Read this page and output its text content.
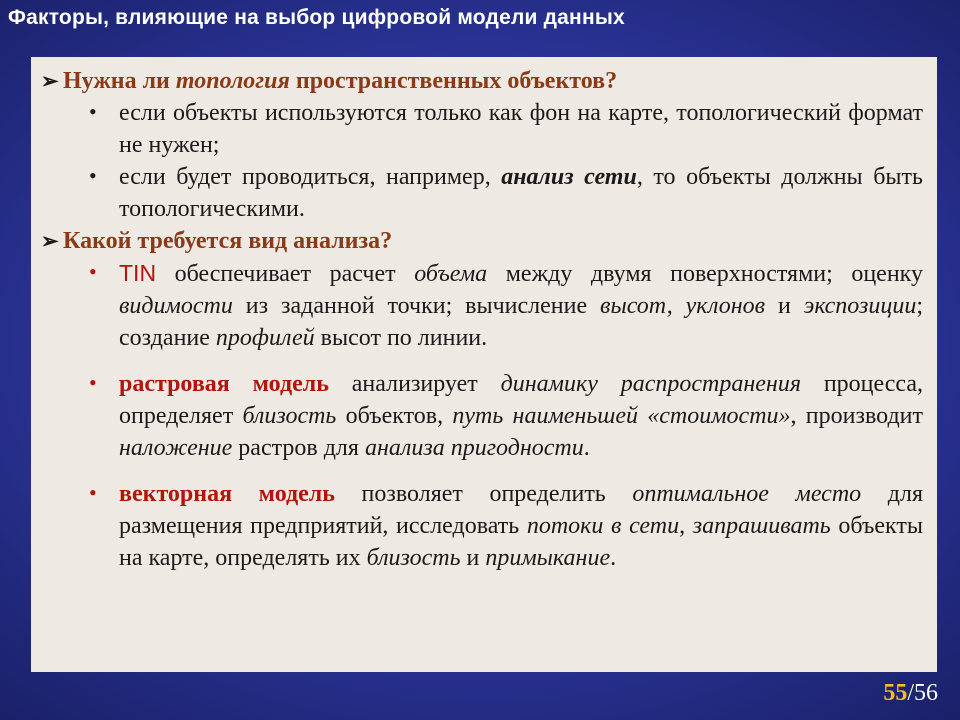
Факторы, влияющие на выбор цифровой модели данных
➢ Нужна ли топология пространственных объектов?
• если объекты используются только как фон на карте, топологический формат не нужен;
• если будет проводиться, например, анализ сети, то объекты должны быть топологическими.
➢ Какой требуется вид анализа?
• TIN обеспечивает расчет объема между двумя поверхностями; оценку видимости из заданной точки; вычисление высот, уклонов и экспозиции; создание профилей высот по линии.
• растровая модель анализирует динамику распространения процесса, определяет близость объектов, путь наименьшей «стоимости», производит наложение растров для анализа пригодности.
• векторная модель позволяет определить оптимальное место для размещения предприятий, исследовать потоки в сети, запрашивать объекты на карте, определять их близость и примыкание.
55/56
